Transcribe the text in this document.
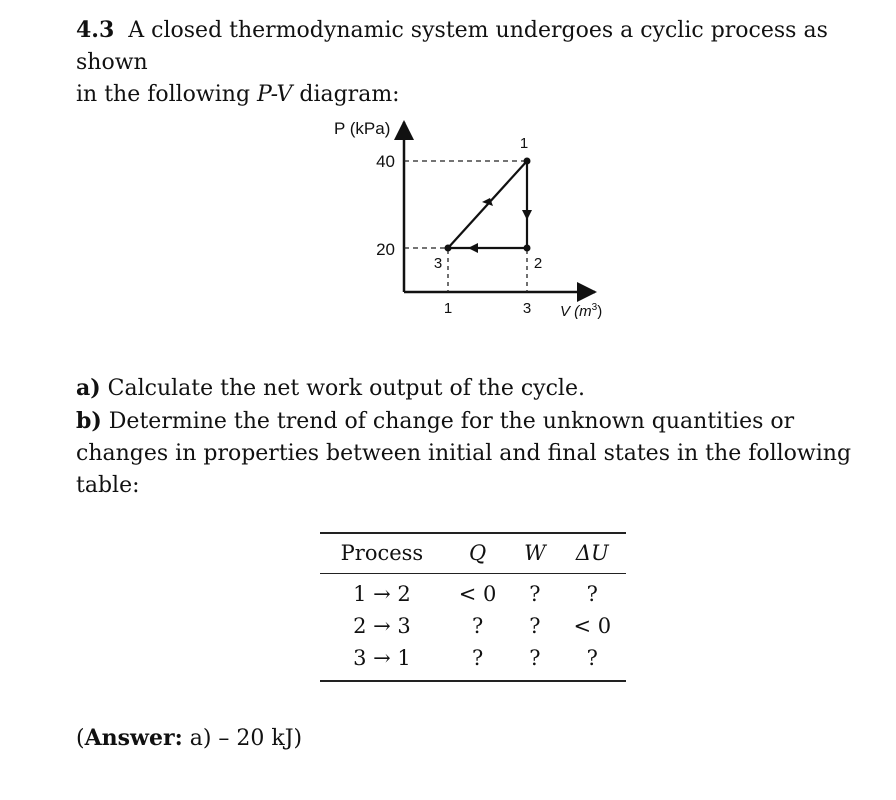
4.3 A closed thermodynamic system undergoes a cyclic process as shown
in the following P-V diagram:
P (kPa)
V $(m^3)$
40
20
1	3
1
2
3
a) Calculate the net work output of the cycle.
b) Determine the trend of change for the unknown quantities or changes in properties between initial and final states in the following table:
Process	Q	W	ΔU
1 → 2	< 0	?	?
2 → 3	?	?	< 0
3 → 1	?	?	?
(Answer: a) – 20 kJ)
